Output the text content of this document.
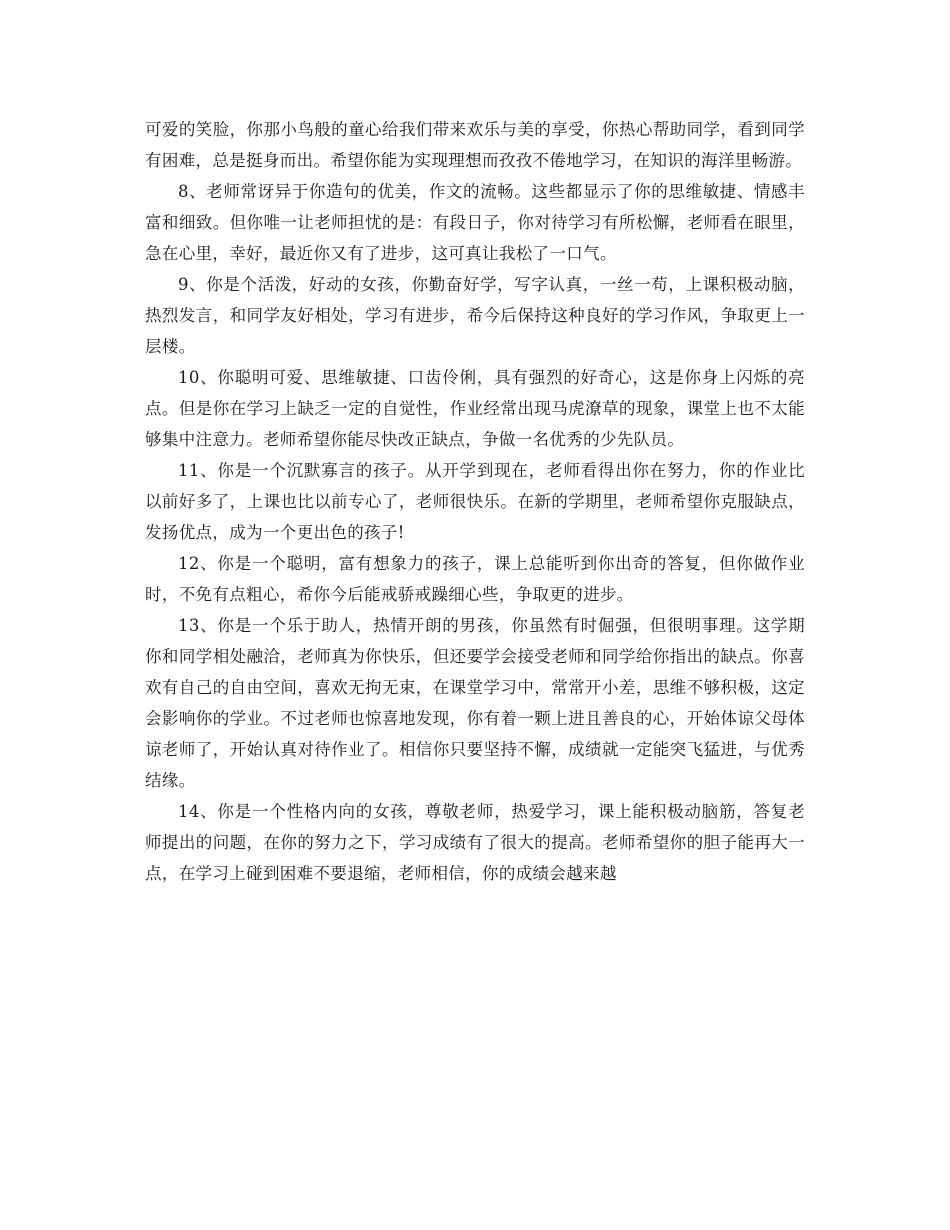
可爱的笑脸，你那小鸟般的童心给我们带来欢乐与美的享受，你热心帮助同学，看到同学有困难，总是挺身而出。希望你能为实现理想而孜孜不倦地学习，在知识的海洋里畅游。

8、老师常讶异于你造句的优美，作文的流畅。这些都显示了你的思维敏捷、情感丰富和细致。但你唯一让老师担忧的是：有段日子，你对待学习有所松懈，老师看在眼里，急在心里，幸好，最近你又有了进步，这可真让我松了一口气。

9、你是个活泼，好动的女孩，你勤奋好学，写字认真，一丝一苟，上课积极动脑，热烈发言，和同学友好相处，学习有进步，希今后保持这种良好的学习作风，争取更上一层楼。

10、你聪明可爱、思维敏捷、口齿伶俐，具有强烈的好奇心，这是你身上闪烁的亮点。但是你在学习上缺乏一定的自觉性，作业经常出现马虎潦草的现象，课堂上也不太能够集中注意力。老师希望你能尽快改正缺点，争做一名优秀的少先队员。

11、你是一个沉默寡言的孩子。从开学到现在，老师看得出你在努力，你的作业比以前好多了，上课也比以前专心了，老师很快乐。在新的学期里，老师希望你克服缺点，发扬优点，成为一个更出色的孩子!

12、你是一个聪明，富有想象力的孩子，课上总能听到你出奇的答复，但你做作业时，不免有点粗心，希你今后能戒骄戒躁细心些，争取更的进步。

13、你是一个乐于助人，热情开朗的男孩，你虽然有时倔强，但很明事理。这学期你和同学相处融洽，老师真为你快乐，但还要学会接受老师和同学给你指出的缺点。你喜欢有自己的自由空间，喜欢无拘无束，在课堂学习中，常常开小差，思维不够积极，这定会影响你的学业。不过老师也惊喜地发现，你有着一颗上进且善良的心，开始体谅父母体谅老师了，开始认真对待作业了。相信你只要坚持不懈，成绩就一定能突飞猛进，与优秀结缘。

14、你是一个性格内向的女孩，尊敬老师，热爱学习，课上能积极动脑筋，答复老师提出的问题，在你的努力之下，学习成绩有了很大的提高。老师希望你的胆子能再大一点，在学习上碰到困难不要退缩，老师相信，你的成绩会越来越
